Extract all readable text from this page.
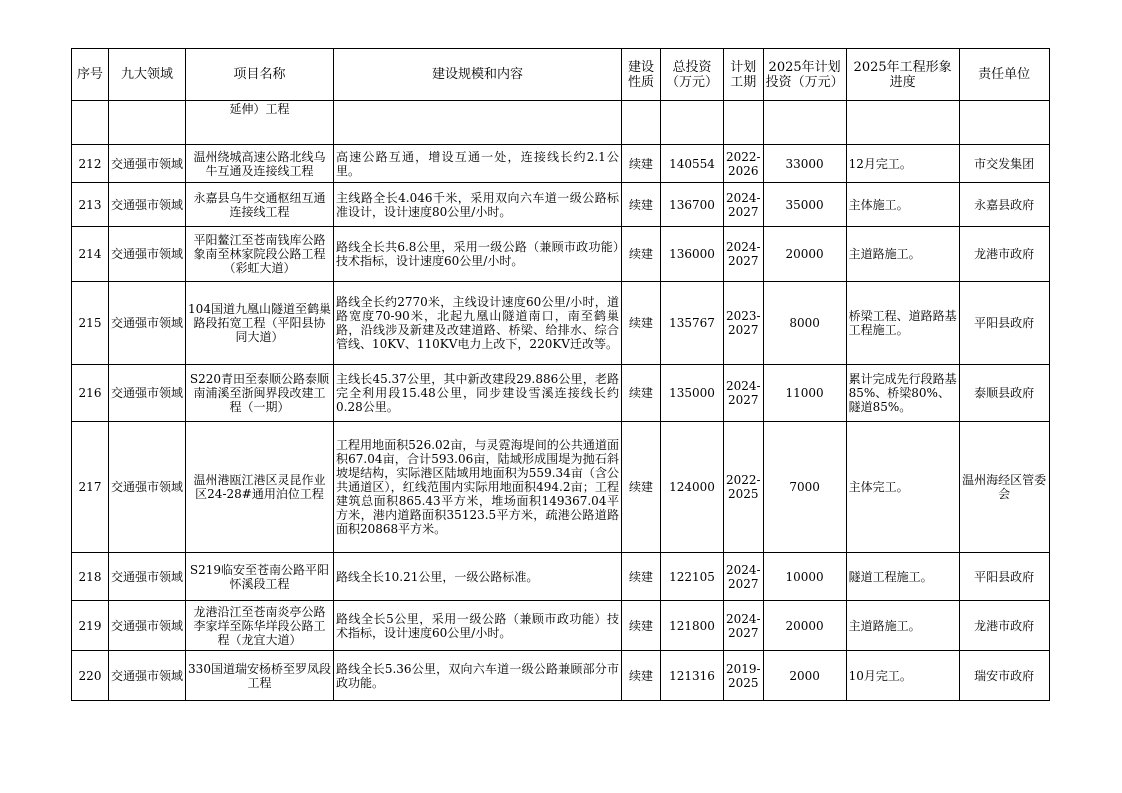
序号	九大领域	项目名称	建设规模和内容	建设性质	总投资（万元）	计划工期	2025年计划投资（万元）	2025年工程形象进度	责任单位
		延伸）工程							
212	交通强市领域	温州绕城高速公路北线乌牛互通及连接线工程	高速公路互通，增设互通一处，连接线长约2.1公里。	续建	140554	2022-2026	33000	12月完工。	市交发集团
213	交通强市领域	永嘉县乌牛交通枢纽互通连接线工程	主线路全长4.046千米，采用双向六车道一级公路标准设计，设计速度80公里/小时。	续建	136700	2024-2027	35000	主体施工。	永嘉县政府
214	交通强市领域	平阳鳌江至苍南钱库公路象南至林家院段公路工程（彩虹大道）	路线全长共6.8公里，采用一级公路（兼顾市政功能）技术指标，设计速度60公里/小时。	续建	136000	2024-2027	20000	主道路施工。	龙港市政府
215	交通强市领域	104国道九凰山隧道至鹤巢路段拓宽工程（平阳县协同大道）	路线全长约2770米，主线设计速度60公里/小时，道路宽度70-90米，北起九凰山隧道南口，南至鹤巢路，沿线涉及新建及改建道路、桥梁、给排水、综合管线、10KV、110KV电力上改下，220KV迁改等。	续建	135767	2023-2027	8000	桥梁工程、道路路基工程施工。	平阳县政府
216	交通强市领域	S220青田至泰顺公路泰顺南浦溪至浙闽界段改建工程（一期）	主线长45.37公里，其中新改建段29.886公里，老路完全利用段15.48公里，同步建设雪溪连接线长约0.28公里。	续建	135000	2024-2027	11000	累计完成先行段路基85%、桥梁80%、隧道85%。	泰顺县政府
217	交通强市领域	温州港瓯江港区灵昆作业区24-28#通用泊位工程	工程用地面积526.02亩，与灵霓海堤间的公共通道面积67.04亩，合计593.06亩，陆域形成围堤为抛石斜坡堤结构，实际港区陆域用地面积为559.34亩（含公共通道区），红线范围内实际用地面积494.2亩；工程建筑总面积865.43平方米，堆场面积149367.04平方米，港内道路面积35123.5平方米，疏港公路道路面积20868平方米。	续建	124000	2022-2025	7000	主体完工。	温州海经区管委会
218	交通强市领域	S219临安至苍南公路平阳怀溪段工程	路线全长10.21公里，一级公路标准。	续建	122105	2024-2027	10000	隧道工程施工。	平阳县政府
219	交通强市领域	龙港沿江至苍南炎亭公路李家垟至陈华垟段公路工程（龙宜大道）	路线全长5公里，采用一级公路（兼顾市政功能）技术指标，设计速度60公里/小时。	续建	121800	2024-2027	20000	主道路施工。	龙港市政府
220	交通强市领域	330国道瑞安杨桥至罗凤段工程	路线全长5.36公里，双向六车道一级公路兼顾部分市政功能。	续建	121316	2019-2025	2000	10月完工。	瑞安市政府
